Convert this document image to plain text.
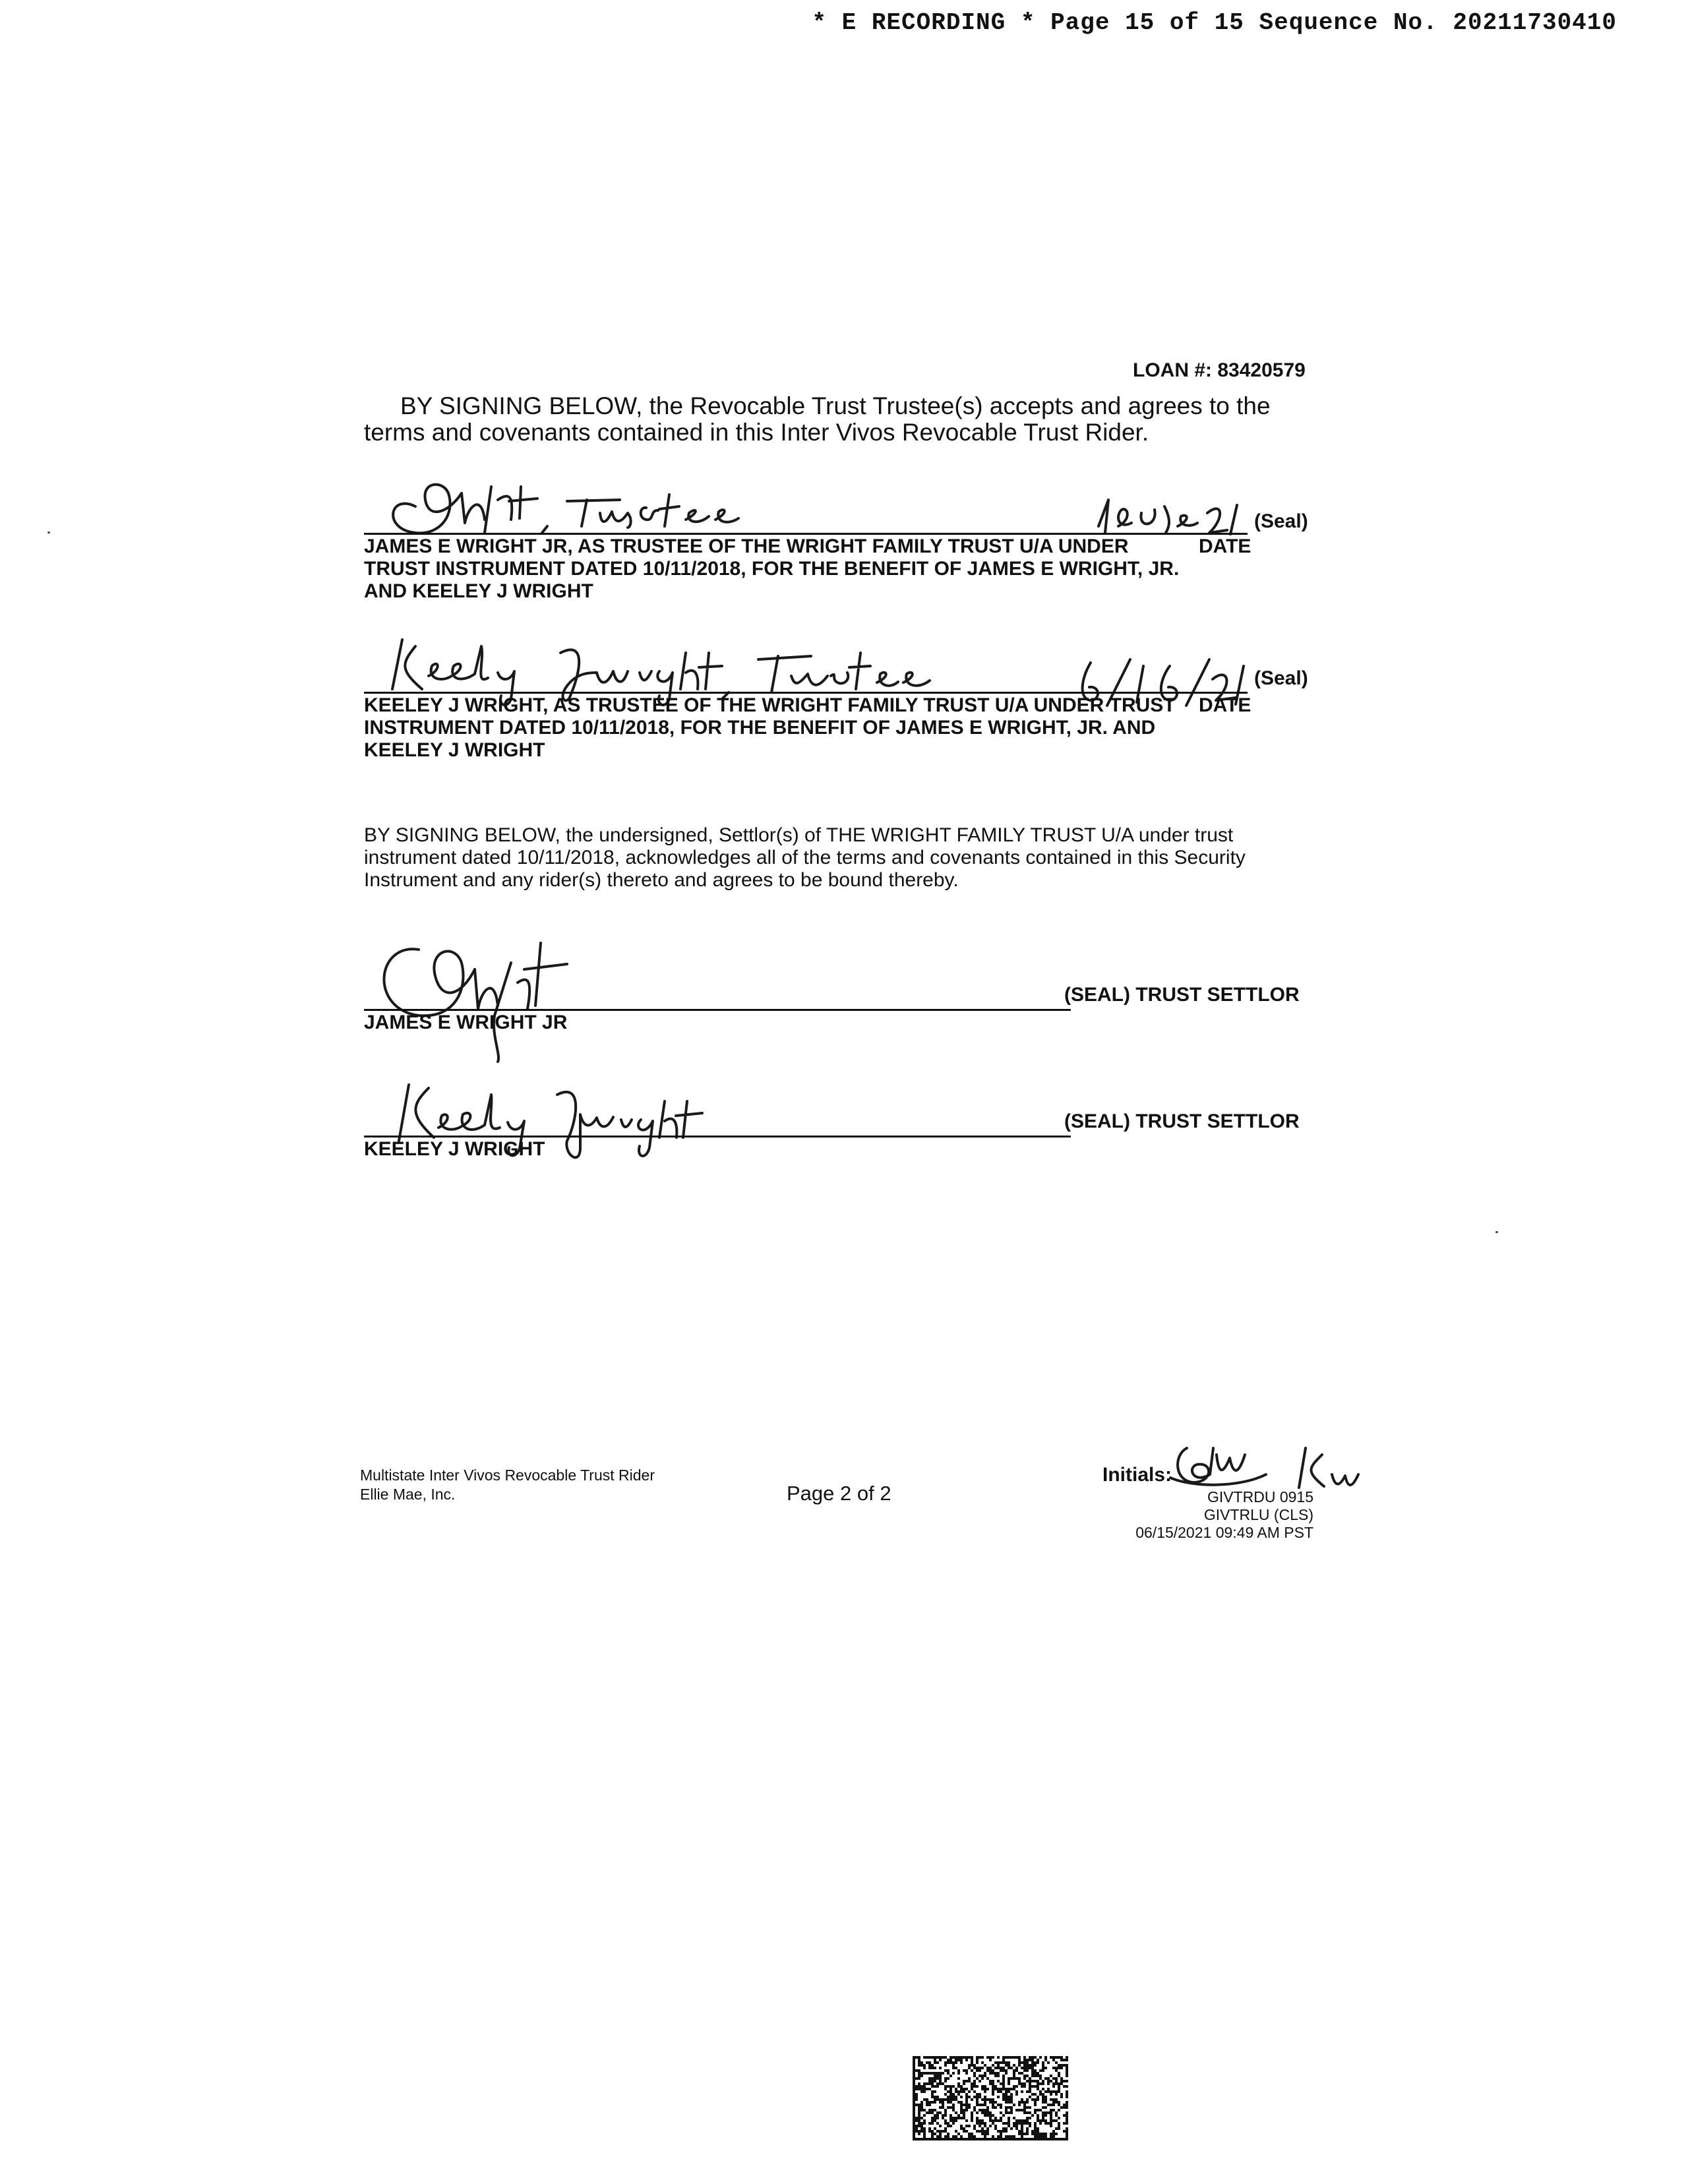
* E RECORDING * Page 15 of 15 Sequence No. 20211730410
LOAN #: 83420579
BY SIGNING BELOW, the Revocable Trust Trustee(s) accepts and agrees to the terms and covenants contained in this Inter Vivos Revocable Trust Rider.
(Seal)
JAMES E WRIGHT JR, AS TRUSTEE OF THE WRIGHT FAMILY TRUST U/A UNDER TRUST INSTRUMENT DATED 10/11/2018, FOR THE BENEFIT OF JAMES E WRIGHT, JR. AND KEELEY J WRIGHT
DATE
(Seal)
KEELEY J WRIGHT, AS TRUSTEE OF THE WRIGHT FAMILY TRUST U/A UNDER TRUST INSTRUMENT DATED 10/11/2018, FOR THE BENEFIT OF JAMES E WRIGHT, JR. AND KEELEY J WRIGHT
DATE
BY SIGNING BELOW, the undersigned, Settlor(s) of THE WRIGHT FAMILY TRUST U/A under trust instrument dated 10/11/2018, acknowledges all of the terms and covenants contained in this Security Instrument and any rider(s) thereto and agrees to be bound thereby.
(SEAL) TRUST SETTLOR
JAMES E WRIGHT JR
(SEAL) TRUST SETTLOR
KEELEY J WRIGHT
Multistate Inter Vivos Revocable Trust Rider
Ellie Mae, Inc.	Page 2 of 2
Initials:
GIVTRDU 0915
GIVTRLU (CLS)
06/15/2021 09:49 AM PST
